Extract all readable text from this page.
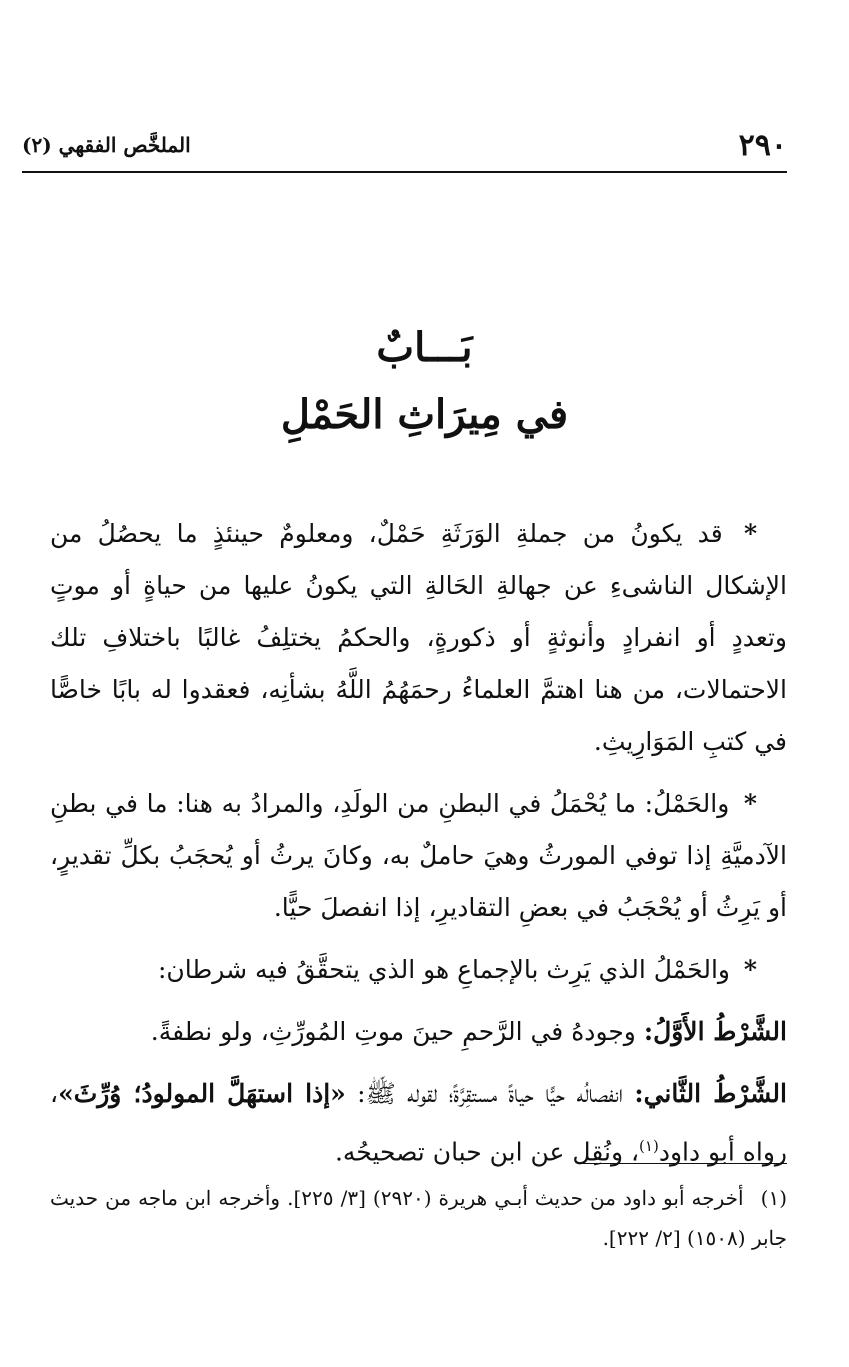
٢٩٠
الملخَّص الفقهي (٢)
بَـــابٌ
في مِيرَاثِ الحَمْلِ

* قد يكونُ من جملةِ الوَرَثَةِ حَمْلٌ، ومعلومٌ حينئذٍ ما يحصُلُ من الإشكال الناشىءِ عن جهالةِ الحَالةِ التي يكونُ عليها من حياةٍ أو موتٍ وتعددٍ أو انفرادٍ وأنوثةٍ أو ذكورةٍ، والحكمُ يختلِفُ غالبًا باختلافِ تلك الاحتمالات، من هنا اهتمَّ العلماءُ رحمَهُمُ اللَّهُ بشأنِه، فعقدوا له بابًا خاصًّا في كتبِ المَوَارِيثِ.

* والحَمْلُ: ما يُحْمَلُ في البطنِ من الولَدِ، والمرادُ به هنا: ما في بطنِ الآدميَّةِ إذا توفي المورثُ وهيَ حاملٌ به، وكانَ يرثُ أو يُحجَبُ بكلِّ تقديرٍ، أو يَرِثُ أو يُحْجَبُ في بعضِ التقاديرِ، إذا انفصلَ حيًّا.

* والحَمْلُ الذي يَرِث بالإجماعِ هو الذي يتحقَّقُ فيه شرطان:

الشَّرْطُ الأَوَّلُ: وجودهُ في الرَّحمِ حينَ موتِ المُورِّثِ، ولو نطفةً.

الشَّرْطُ الثَّاني: انفصالُه حيًّا حياةً مستقِرَّةً؛ لقوله ﷺ: «إذا استهَلَّ المولودُ؛ وُرِّثَ»، رواه أبو داود$^{(١)}$، ونُقِل عن ابن حبان تصحيحُه.

(١) أخرجه أبو داود من حديث أبـي هريرة (٢٩٢٠) [٣/ ٢٢٥]. وأخرجه ابن ماجه من حديث جابر (١٥٠٨) [٢/ ٢٢٢].
